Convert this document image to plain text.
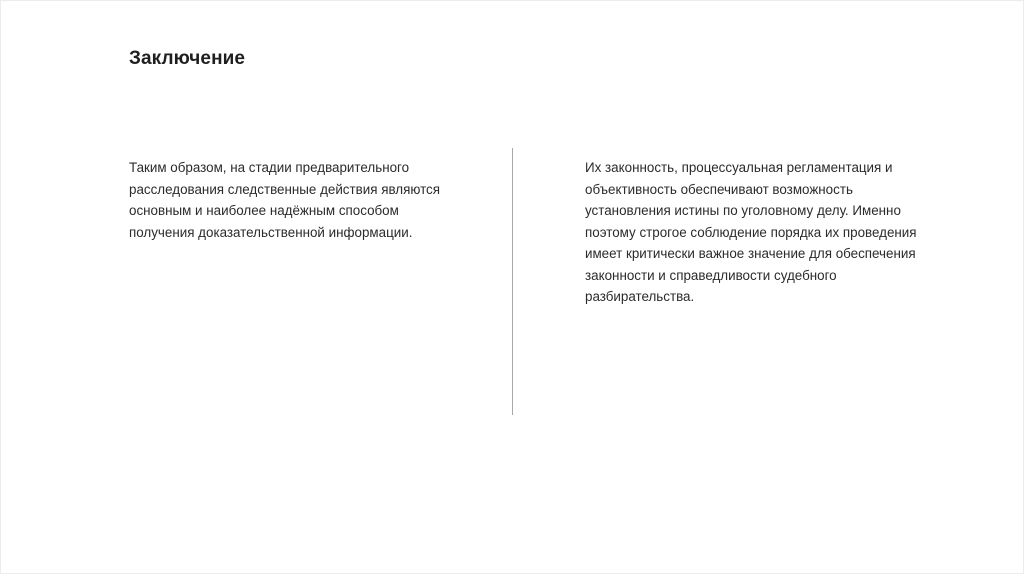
Заключение

Таким образом, на стадии предварительного расследования следственные действия являются основным и наиболее надёжным способом получения доказательственной информации.

Их законность, процессуальная регламентация и объективность обеспечивают возможность установления истины по уголовному делу. Именно поэтому строгое соблюдение порядка их проведения имеет критически важное значение для обеспечения законности и справедливости судебного разбирательства.
